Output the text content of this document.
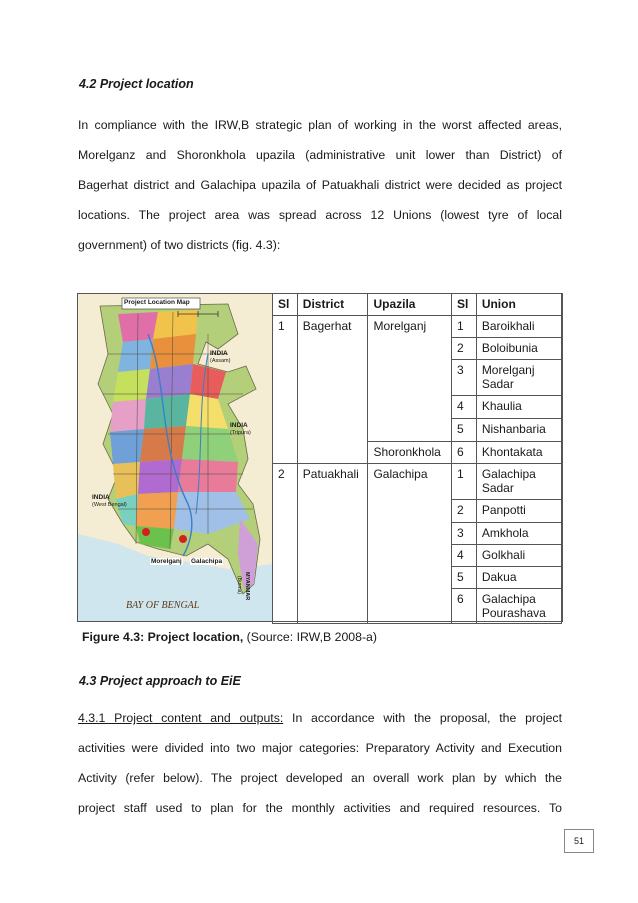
4.2 Project location
In compliance with the IRW,B strategic plan of working in the worst affected areas,
Morelganz and Shoronkhola upazila (administrative unit lower than District) of
Bagerhat district and Galachipa upazila of Patuakhali district were decided as project
locations. The project area was spread across 12 Unions (lowest tyre of local
government) of two districts (fig. 4.3):
Project Location Map
INDIA
(Assam)
INDIA
(Tripura)
INDIA
(West Bengal)
Morelganj Galachipa
BAY OF BENGAL
MYANMAR
(Burma)
Sl	District	Upazila	Sl	Union
1	Bagerhat	Morelganj	1	Baroikhali
			2	Boloibunia
			3	Morelganj Sadar
			4	Khaulia
			5	Nishanbaria
		Shoronkhola	6	Khontakata
2	Patuakhali	Galachipa	1	Galachipa Sadar
			2	Panpotti
			3	Amkhola
			4	Golkhali
			5	Dakua
			6	Galachipa Pourashava
Figure 4.3: Project location, (Source: IRW,B 2008-a)
4.3 Project approach to EiE
4.3.1 Project content and outputs: In accordance with the proposal, the project
activities were divided into two major categories: Preparatory Activity and Execution
Activity (refer below). The project developed an overall work plan by which the
project staff used to plan for the monthly activities and required resources. To
51
